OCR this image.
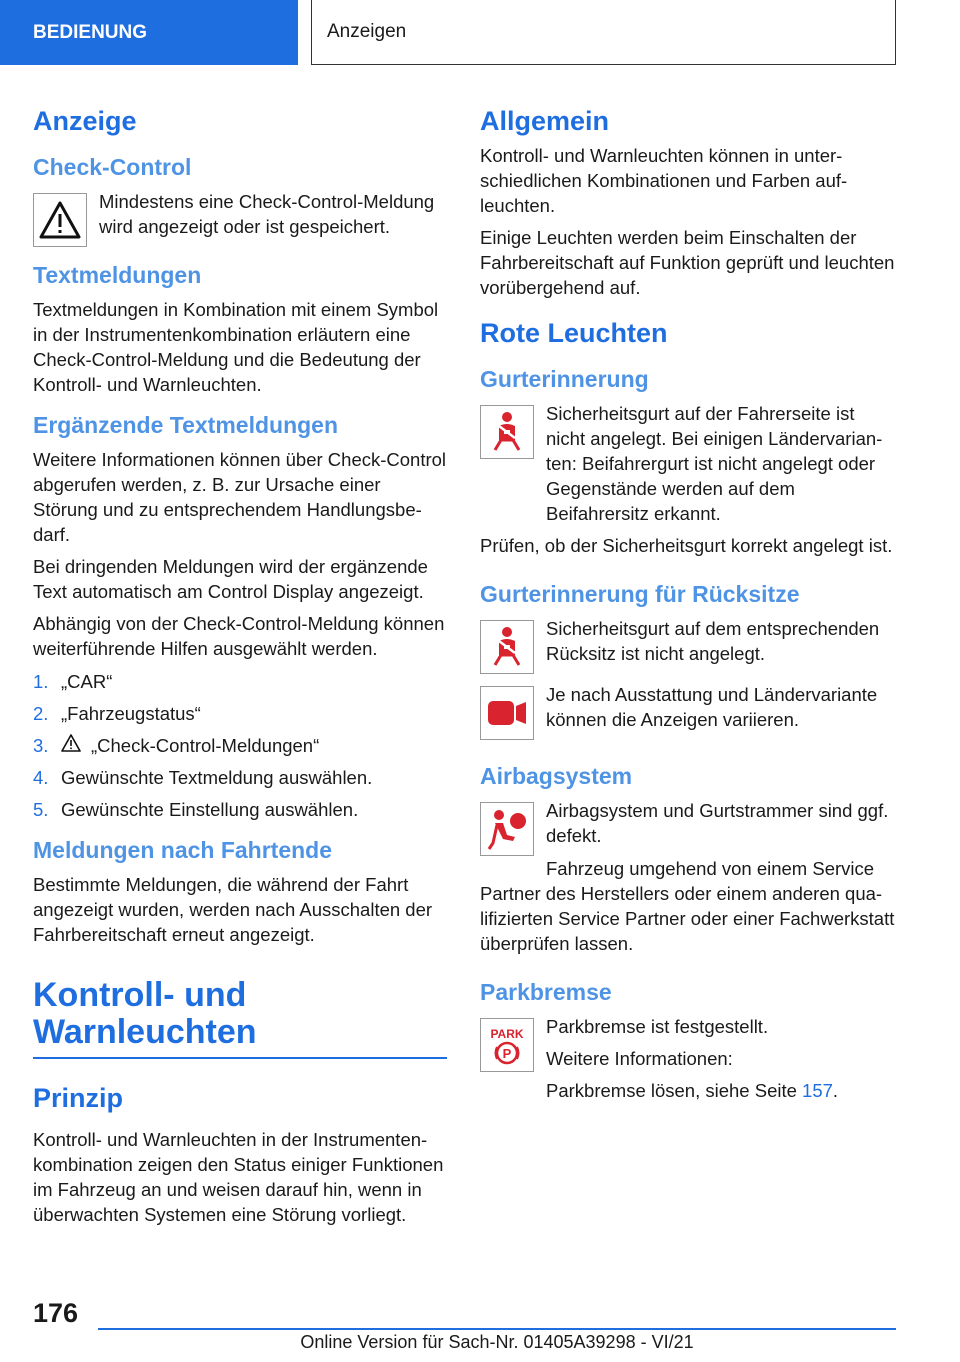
BEDIENUNG	Anzeigen
Anzeige
Check-Control

Mindestens eine Check-Control-Meldung wird angezeigt oder ist gespeichert.

Textmeldungen

Textmeldungen in Kombination mit einem Symbol in der Instrumentenkombination erläutern eine Check-Control-Meldung und die Bedeutung der Kontroll- und Warnleuchten.

Ergänzende Textmeldungen

Weitere Informationen können über Check-Control abgerufen werden, z. B. zur Ursache einer Störung und zu entsprechendem Handlungsbedarf.

Bei dringenden Meldungen wird der ergänzende Text automatisch am Control Display angezeigt.

Abhängig von der Check-Control-Meldung können weiterführende Hilfen ausgewählt werden.

1. „CAR“
2. „Fahrzeugstatus“
3.	„Check-Control-Meldungen“
4. Gewünschte Textmeldung auswählen.
5. Gewünschte Einstellung auswählen.
Meldungen nach Fahrtende

Bestimmte Meldungen, die während der Fahrt angezeigt wurden, werden nach Ausschalten der Fahrbereitschaft erneut angezeigt.

Kontroll- und
Warnleuchten
Prinzip

Kontroll- und Warnleuchten in der Instrumentenkombination zeigen den Status einiger Funktionen im Fahrzeug an und weisen darauf hin, wenn in überwachten Systemen eine Störung vorliegt.

Allgemein

Kontroll- und Warnleuchten können in unterschiedlichen Kombinationen und Farben aufleuchten.

Einige Leuchten werden beim Einschalten der Fahrbereitschaft auf Funktion geprüft und leuchten vorübergehend auf.

Rote Leuchten
Gurterinnerung

Sicherheitsgurt auf der Fahrerseite ist nicht angelegt. Bei einigen Ländervarianten: Beifahrergurt ist nicht angelegt oder Gegenstände werden auf dem Beifahrersitz erkannt.

Prüfen, ob der Sicherheitsgurt korrekt angelegt ist.

Gurterinnerung für Rücksitze

Sicherheitsgurt auf dem entsprechenden Rücksitz ist nicht angelegt.

Je nach Ausstattung und Ländervariante können die Anzeigen variieren.

Airbagsystem

Airbagsystem und Gurtstrammer sind ggf. defekt.

Fahrzeug umgehend von einem Service Partner des Herstellers oder einem anderen qualifizierten Service Partner oder einer Fachwerkstatt überprüfen lassen.

Parkbremse
PARK
P

Parkbremse ist festgestellt.

Weitere Informationen:

Parkbremse lösen, siehe Seite 157.

176
Online Version für Sach-Nr. 01405A39298 - VI/21
